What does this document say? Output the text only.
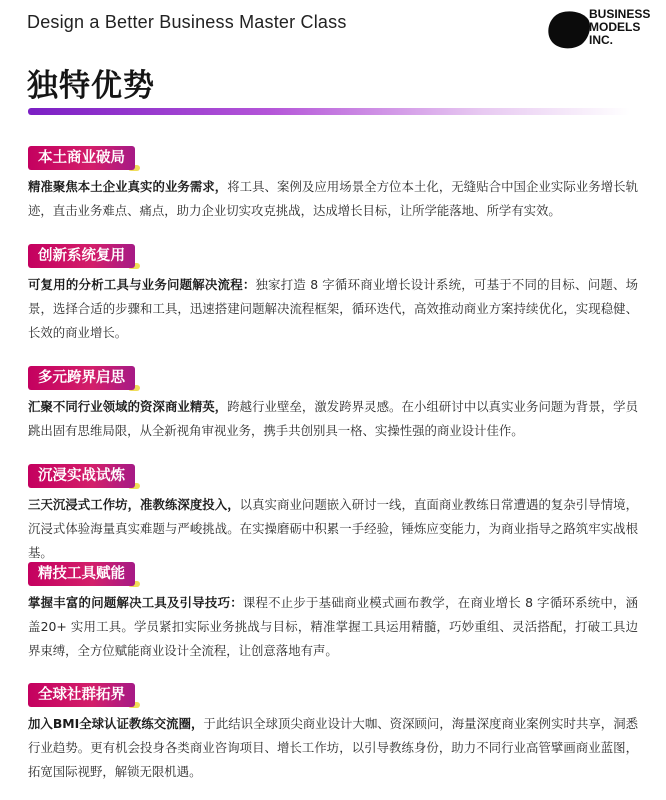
Design a Better Business Master Class	BUSINESS
MODELS
INC.
独特优势
本土商业破局
精准聚焦本土企业真实的业务需求，将工具、案例及应用场景全方位本土化，无缝贴合中国企业实际业务增长轨迹，直击业务难点、痛点，助力企业切实攻克挑战，达成增长目标，让所学能落地、所学有实效。
创新系统复用
可复用的分析工具与业务问题解决流程：独家打造 8 字循环商业增长设计系统，可基于不同的目标、问题、场景，选择合适的步骤和工具，迅速搭建问题解决流程框架，循环迭代，高效推动商业方案持续优化，实现稳健、长效的商业增长。
多元跨界启思
汇聚不同行业领域的资深商业精英，跨越行业壁垒，激发跨界灵感。在小组研讨中以真实业务问题为背景，学员跳出固有思维局限，从全新视角审视业务，携手共创别具一格、实操性强的商业设计佳作。
沉浸实战试炼
三天沉浸式工作坊，准教练深度投入，以真实商业问题嵌入研讨一线，直面商业教练日常遭遇的复杂引导情境，沉浸式体验海量真实难题与严峻挑战。在实操磨砺中积累一手经验，锤炼应变能力，为商业指导之路筑牢实战根基。
精技工具赋能
掌握丰富的问题解决工具及引导技巧：课程不止步于基础商业模式画布教学，在商业增长 8 字循环系统中，涵盖20+ 实用工具。学员紧扣实际业务挑战与目标，精准掌握工具运用精髓，巧妙重组、灵活搭配，打破工具边界束缚，全方位赋能商业设计全流程，让创意落地有声。
全球社群拓界
加入BMI全球认证教练交流圈，于此结识全球顶尖商业设计大咖、资深顾问，海量深度商业案例实时共享，洞悉行业趋势。更有机会投身各类商业咨询项目、增长工作坊，以引导教练身份，助力不同行业高管擘画商业蓝图，拓宽国际视野，解锁无限机遇。
